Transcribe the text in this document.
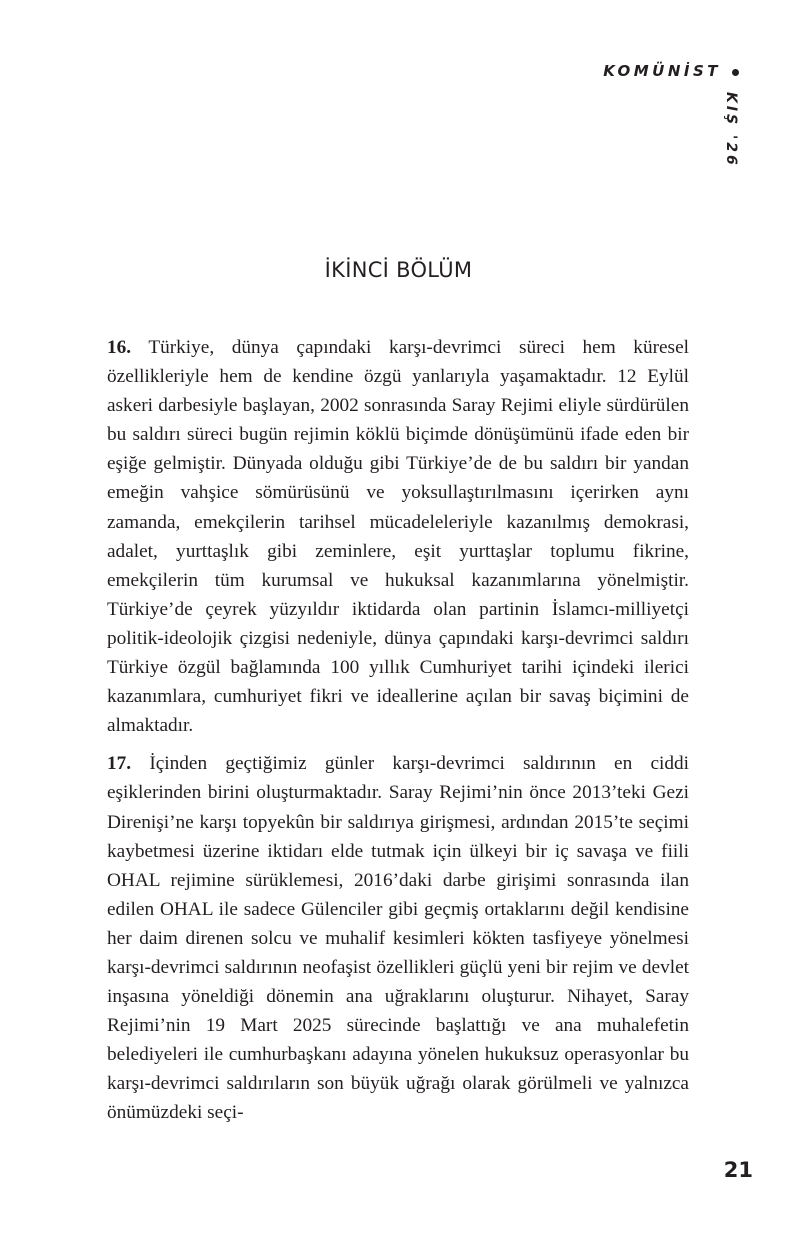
KOMÜNİST
KIŞ '26
İKİNCİ BÖLÜM

16. Türkiye, dünya çapındaki karşı-devrimci süreci hem küresel özellikleriyle hem de kendine özgü yanlarıyla yaşamaktadır. 12 Eylül askeri darbesiyle başlayan, 2002 sonrasında Saray Rejimi eliyle sürdürülen bu saldırı süreci bugün rejimin köklü biçimde dönüşümünü ifade eden bir eşiğe gelmiştir. Dünyada olduğu gibi Türkiye’de de bu saldırı bir yandan emeğin vahşice sömürüsünü ve yoksullaştırılmasını içerirken aynı zamanda, emekçilerin tarihsel mücadeleleriyle kazanılmış demokrasi, adalet, yurttaşlık gibi zeminlere, eşit yurttaşlar toplumu fikrine, emekçilerin tüm kurumsal ve hukuksal kazanımlarına yönelmiştir. Türkiye’de çeyrek yüzyıldır iktidarda olan partinin İslamcı-milliyetçi politik-ideolojik çizgisi nedeniyle, dünya çapındaki karşı-devrimci saldırı Türkiye özgül bağlamında 100 yıllık Cumhuriyet tarihi içindeki ilerici kazanımlara, cumhuriyet fikri ve ideallerine açılan bir savaş biçimini de almaktadır.

17. İçinden geçtiğimiz günler karşı-devrimci saldırının en ciddi eşiklerinden birini oluşturmaktadır. Saray Rejimi’nin önce 2013’teki Gezi Direnişi’ne karşı topyekûn bir saldırıya girişmesi, ardından 2015’te seçimi kaybetmesi üzerine iktidarı elde tutmak için ülkeyi bir iç savaşa ve fiili OHAL rejimine sürüklemesi, 2016’daki darbe girişimi sonrasında ilan edilen OHAL ile sadece Gülenciler gibi geçmiş ortaklarını değil kendisine her daim direnen solcu ve muhalif kesimleri kökten tasfiyeye yönelmesi karşı-devrimci saldırının neofaşist özellikleri güçlü yeni bir rejim ve devlet inşasına yöneldiği dönemin ana uğraklarını oluşturur. Nihayet, Saray Rejimi’nin 19 Mart 2025 sürecinde başlattığı ve ana muhalefetin belediyeleri ile cumhurbaşkanı adayına yönelen hukuksuz operasyonlar bu karşı-devrimci saldırıların son büyük uğrağı olarak görülmeli ve yalnızca önümüzdeki seçi-

21
